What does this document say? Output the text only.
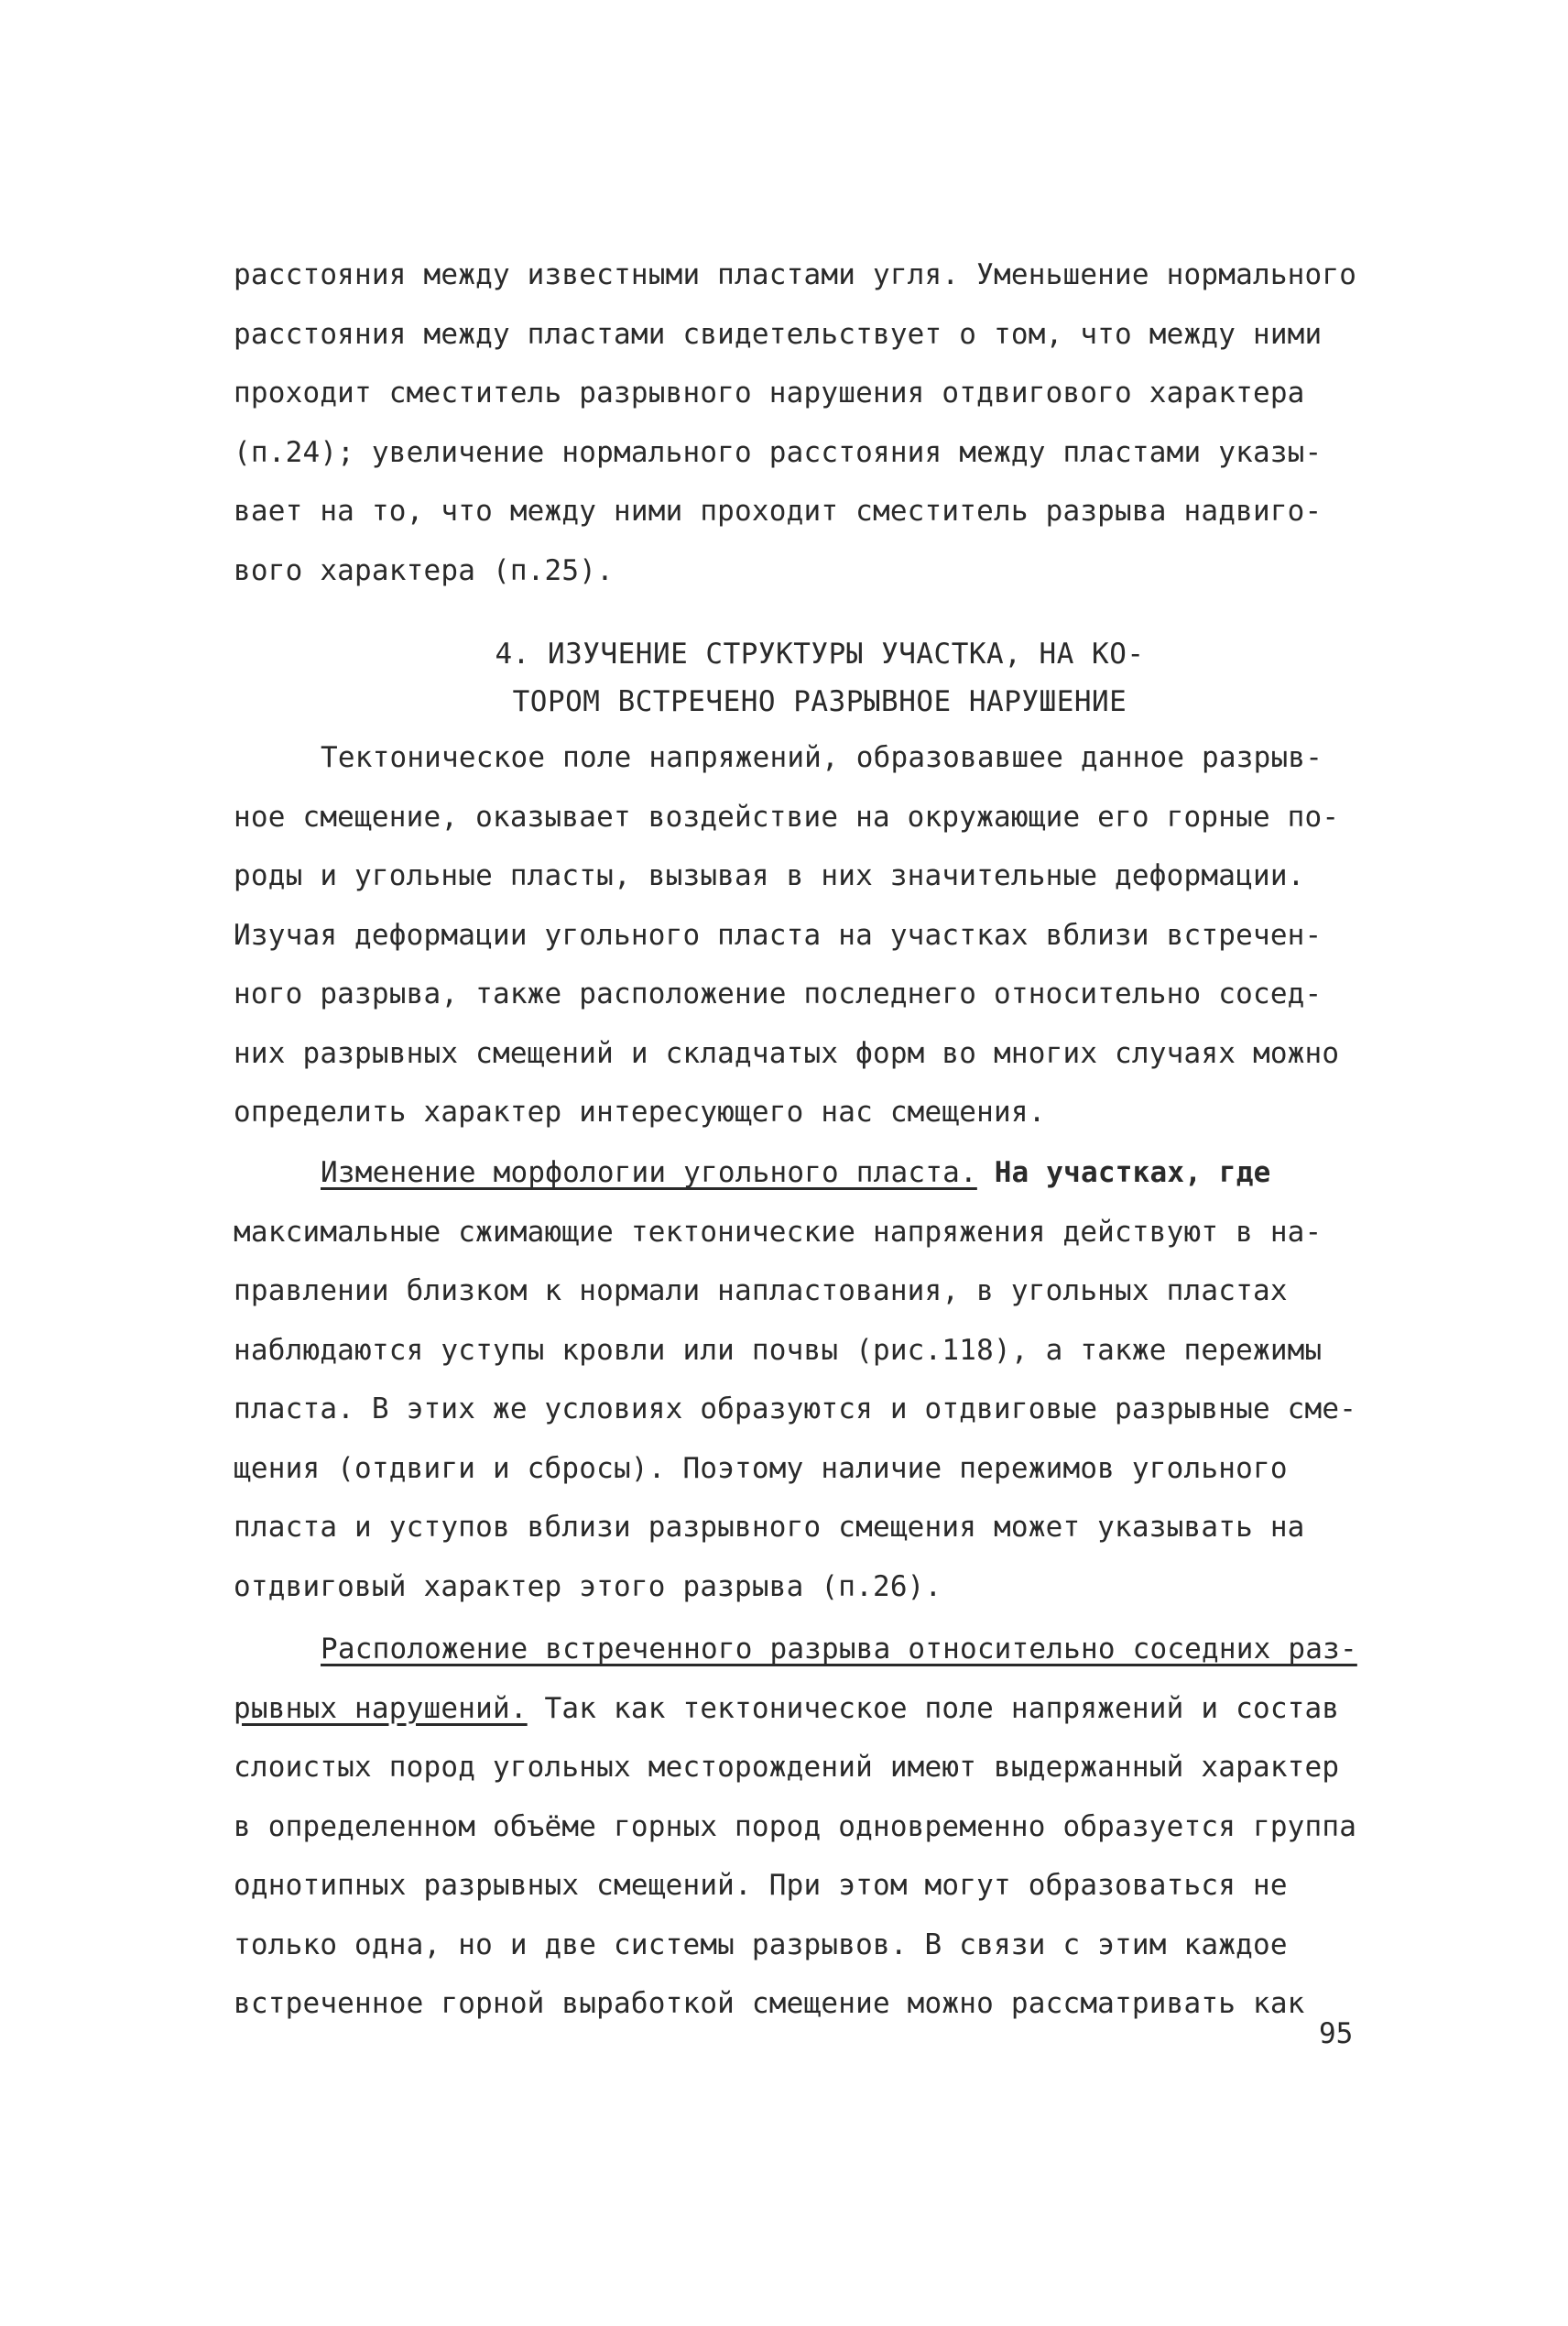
расстояния между известными пластами угля. Уменьшение нормального
расстояния между пластами свидетельствует о том, что между ними
проходит сместитель разрывного нарушения отдвигового характера
(п.24); увеличение нормального расстояния между пластами указы-
вает на то, что между ними проходит сместитель разрыва надвиго-
вого характера (п.25).
4. ИЗУЧЕНИЕ СТРУКТУРЫ УЧАСТКА, НА КО-
ТОРОМ ВСТРЕЧЕНО РАЗРЫВНОЕ НАРУШЕНИЕ
Тектоническое поле напряжений, образовавшее данное разрыв-
ное смещение, оказывает воздействие на окружающие его горные по-
роды и угольные пласты, вызывая в них значительные деформации.
Изучая деформации угольного пласта на участках вблизи встречен-
ного разрыва, также расположение последнего относительно сосед-
них разрывных смещений и складчатых форм во многих случаях можно
определить характер интересующего нас смещения.
Изменение морфологии угольного пласта. На участках, где
максимальные сжимающие тектонические напряжения действуют в на-
правлении близком к нормали напластования, в угольных пластах
наблюдаются уступы кровли или почвы (рис.118), а также пережимы
пласта. В этих же условиях образуются и отдвиговые разрывные сме-
щения (отдвиги и сбросы). Поэтому наличие пережимов угольного
пласта и уступов вблизи разрывного смещения может указывать на
отдвиговый характер этого разрыва (п.26).
Расположение встреченного разрыва относительно соседних раз-
рывных нарушений. Так как тектоническое поле напряжений и состав
слоистых пород угольных месторождений имеют выдержанный характер
в определенном объёме горных пород одновременно образуется группа
однотипных разрывных смещений. При этом могут образоваться не
только одна, но и две системы разрывов. В связи с этим каждое
встреченное горной выработкой смещение можно рассматривать как
95
